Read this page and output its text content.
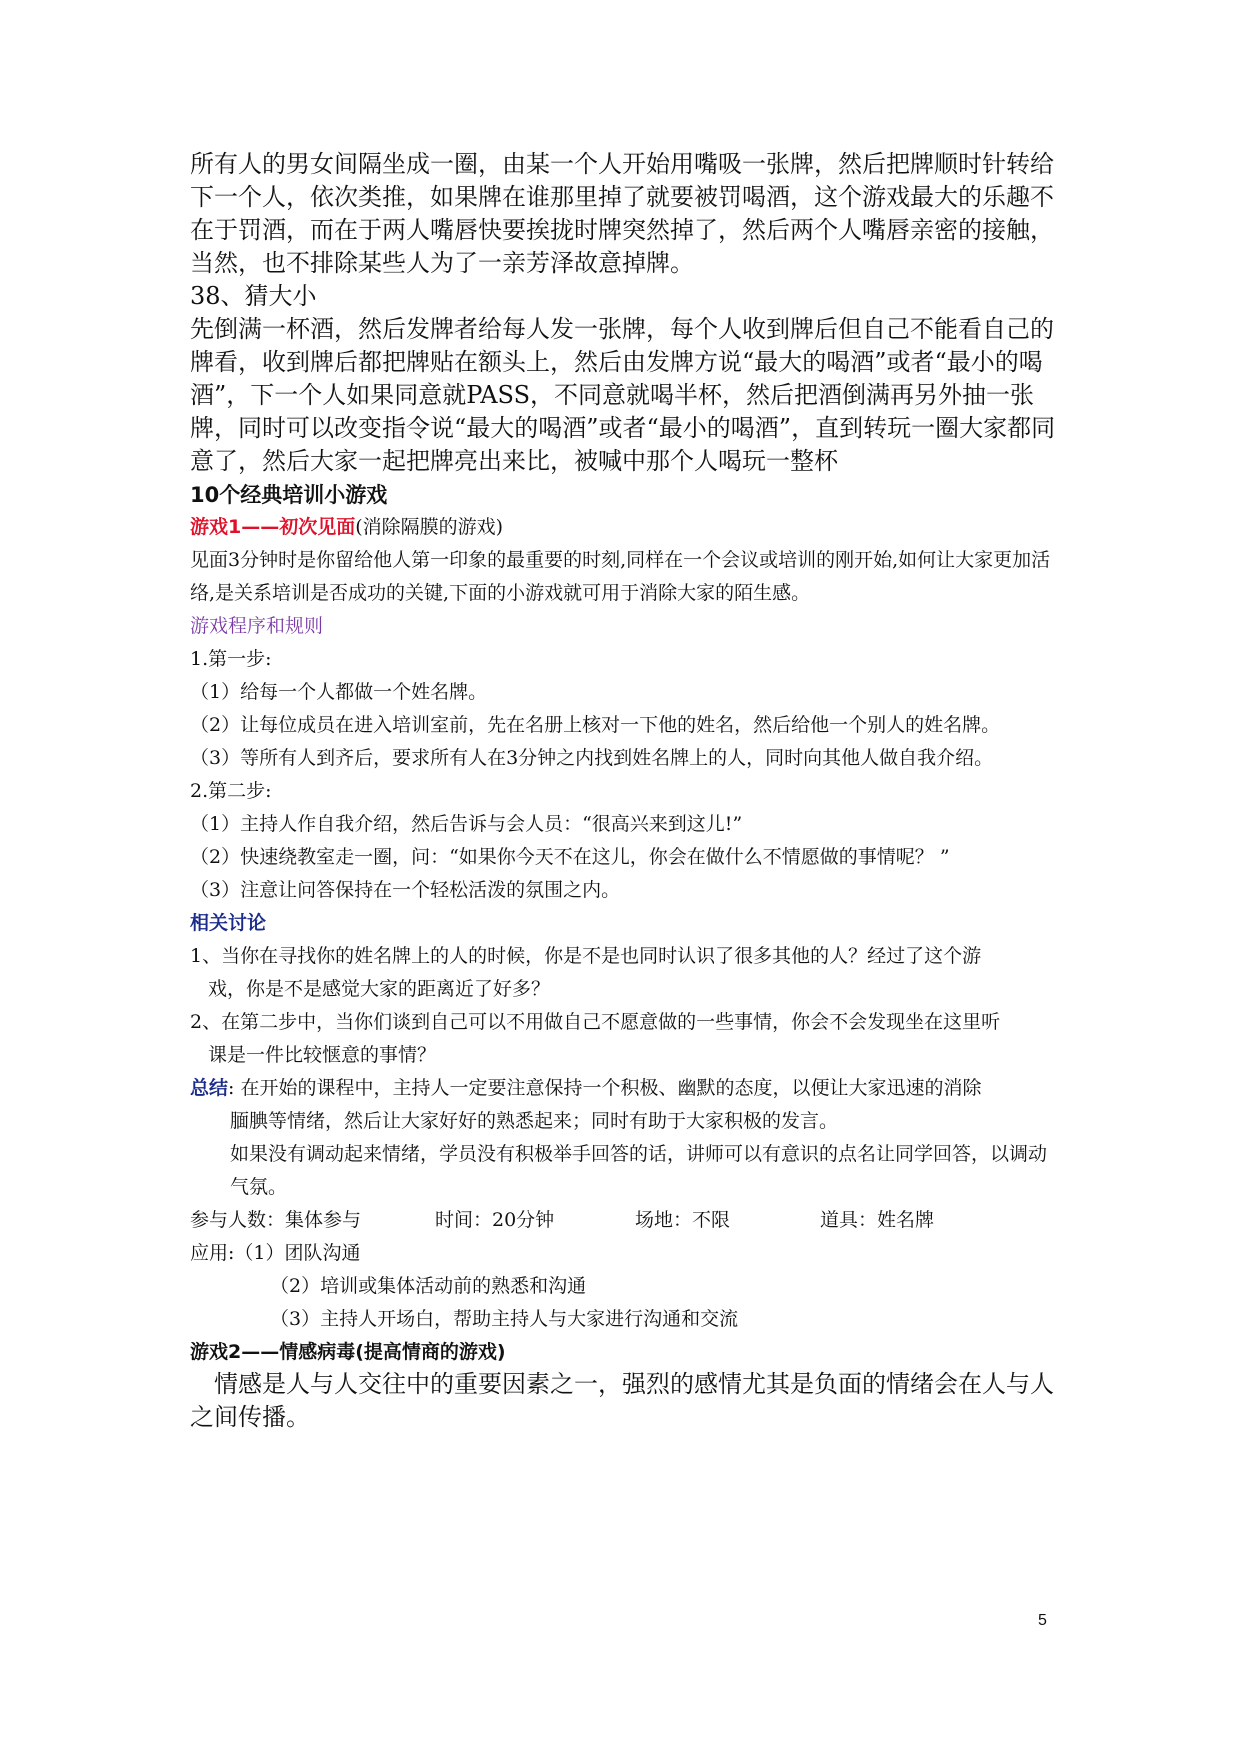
所有人的男女间隔坐成一圈，由某一个人开始用嘴吸一张牌，然后把牌顺时针转给下一个人，依次类推，如果牌在谁那里掉了就要被罚喝酒，这个游戏最大的乐趣不在于罚酒，而在于两人嘴唇快要挨拢时牌突然掉了，然后两个人嘴唇亲密的接触，当然，也不排除某些人为了一亲芳泽故意掉牌。

38、猜大小

先倒满一杯酒，然后发牌者给每人发一张牌，每个人收到牌后但自己不能看自己的牌看，收到牌后都把牌贴在额头上，然后由发牌方说“最大的喝酒”或者“最小的喝酒”，下一个人如果同意就PASS，不同意就喝半杯，然后把酒倒满再另外抽一张牌，同时可以改变指令说“最大的喝酒”或者“最小的喝酒”，直到转玩一圈大家都同意了，然后大家一起把牌亮出来比，被喊中那个人喝玩一整杯

10个经典培训小游戏

游戏1——初次见面(消除隔膜的游戏)

见面3分钟时是你留给他人第一印象的最重要的时刻,同样在一个会议或培训的刚开始,如何让大家更加活络,是关系培训是否成功的关键,下面的小游戏就可用于消除大家的陌生感。

游戏程序和规则

1.第一步:

（1）给每一个人都做一个姓名牌。

（2）让每位成员在进入培训室前，先在名册上核对一下他的姓名，然后给他一个别人的姓名牌。

（3）等所有人到齐后，要求所有人在3分钟之内找到姓名牌上的人，同时向其他人做自我介绍。

2.第二步:

（1）主持人作自我介绍，然后告诉与会人员：“很高兴来到这儿!”

（2）快速绕教室走一圈，问：“如果你今天不在这儿，你会在做什么不情愿做的事情呢？ ”

（3）注意让问答保持在一个轻松活泼的氛围之内。

相关讨论

1、当你在寻找你的姓名牌上的人的时候，你是不是也同时认识了很多其他的人？经过了这个游

戏，你是不是感觉大家的距离近了好多？

2、在第二步中，当你们谈到自己可以不用做自己不愿意做的一些事情，你会不会发现坐在这里听

课是一件比较惬意的事情？

总结: 在开始的课程中，主持人一定要注意保持一个积极、幽默的态度，以便让大家迅速的消除

腼腆等情绪，然后让大家好好的熟悉起来；同时有助于大家积极的发言。

如果没有调动起来情绪，学员没有积极举手回答的话，讲师可以有意识的点名让同学回答，以调动气氛。

参与人数：集体参与	时间：20分钟	场地：不限	道具：姓名牌

应用:（1）团队沟通

（2）培训或集体活动前的熟悉和沟通

（3）主持人开场白，帮助主持人与大家进行沟通和交流

游戏2——情感病毒(提高情商的游戏)

情感是人与人交往中的重要因素之一，强烈的感情尤其是负面的情绪会在人与人之间传播。

5
